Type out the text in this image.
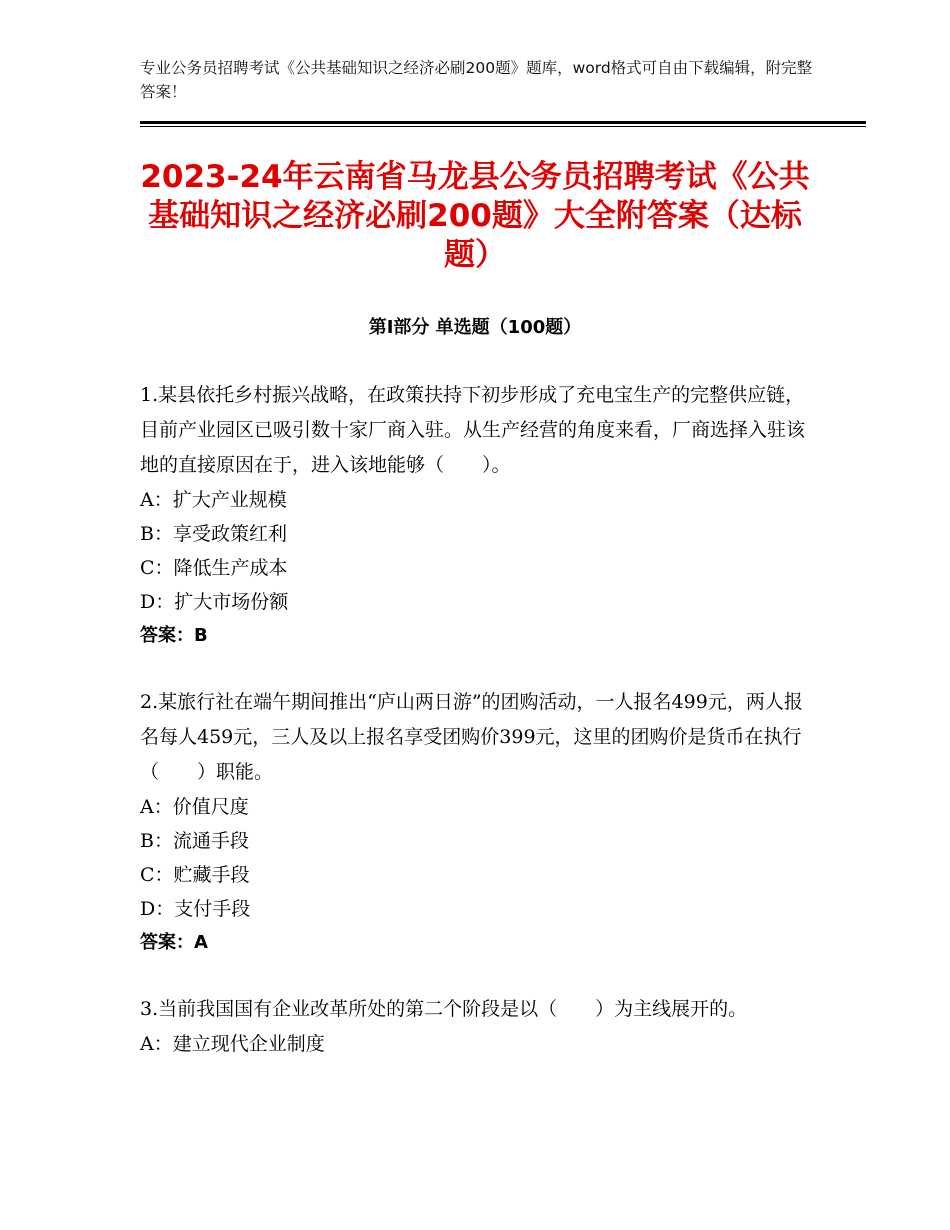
专业公务员招聘考试《公共基础知识之经济必刷200题》题库，word格式可自由下载编辑，附完整答案！
2023-24年云南省马龙县公务员招聘考试《公共基础知识之经济必刷200题》大全附答案（达标题）
第I部分 单选题（100题）

1.某县依托乡村振兴战略，在政策扶持下初步形成了充电宝生产的完整供应链，目前产业园区已吸引数十家厂商入驻。从生产经营的角度来看，厂商选择入驻该地的直接原因在于，进入该地能够（　　）。

A：扩大产业规模

B：享受政策红利

C：降低生产成本

D：扩大市场份额

答案：B

2.某旅行社在端午期间推出“庐山两日游”的团购活动，一人报名499元，两人报名每人459元，三人及以上报名享受团购价399元，这里的团购价是货币在执行（　　）职能。

A：价值尺度

B：流通手段

C：贮藏手段

D：支付手段

答案：A

3.当前我国国有企业改革所处的第二个阶段是以（　　）为主线展开的。

A：建立现代企业制度
